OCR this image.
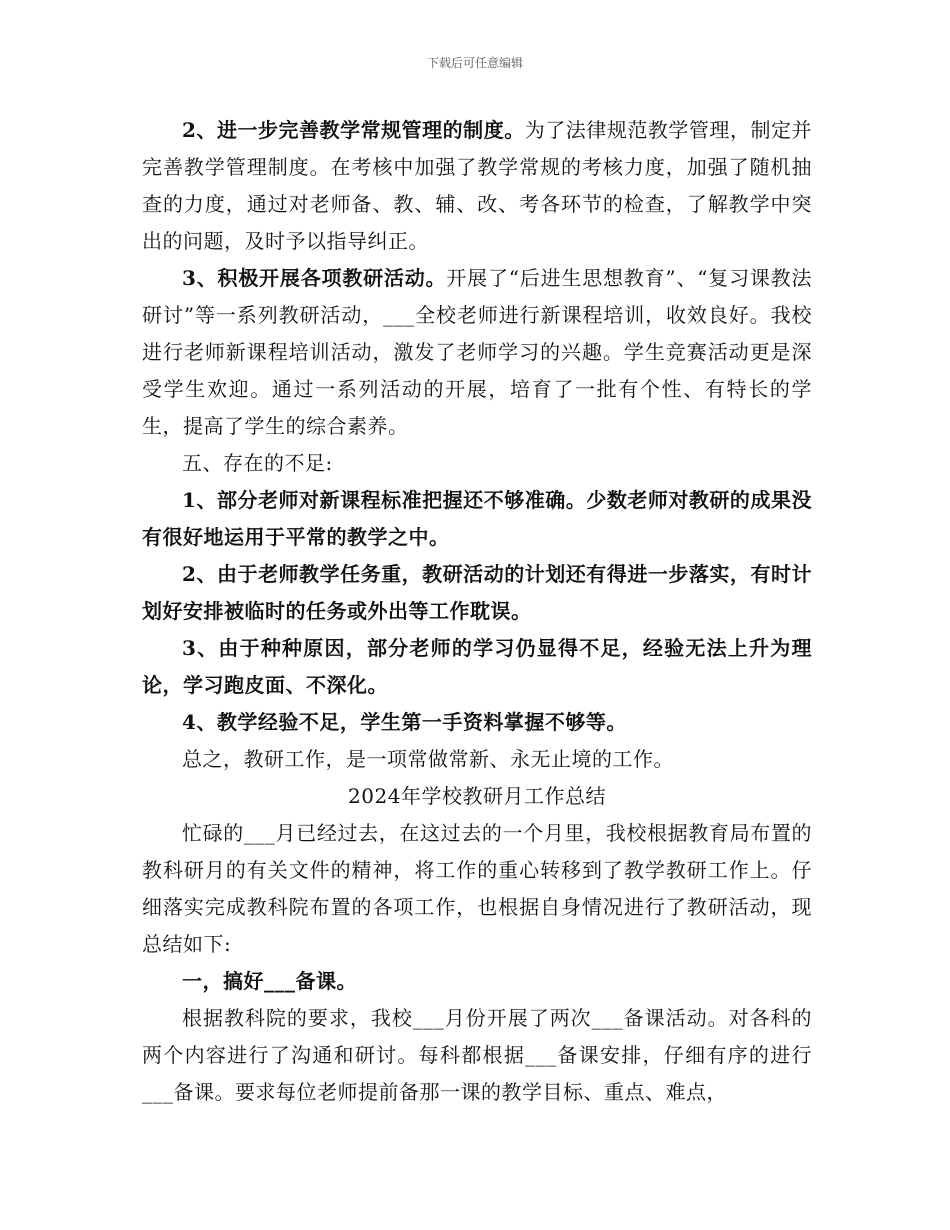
下载后可任意编辑

2、进一步完善教学常规管理的制度。为了法律规范教学管理，制定并完善教学管理制度。在考核中加强了教学常规的考核力度，加强了随机抽查的力度，通过对老师备、教、辅、改、考各环节的检查，了解教学中突出的问题，及时予以指导纠正。

3、积极开展各项教研活动。开展了“后进生思想教育”、“复习课教法研讨”等一系列教研活动，___全校老师进行新课程培训，收效良好。我校进行老师新课程培训活动，激发了老师学习的兴趣。学生竞赛活动更是深受学生欢迎。通过一系列活动的开展，培育了一批有个性、有特长的学生，提高了学生的综合素养。

五、存在的不足:

1、部分老师对新课程标准把握还不够准确。少数老师对教研的成果没有很好地运用于平常的教学之中。

2、由于老师教学任务重，教研活动的计划还有得进一步落实，有时计划好安排被临时的任务或外出等工作耽误。

3、由于种种原因，部分老师的学习仍显得不足，经验无法上升为理论，学习跑皮面、不深化。

4、教学经验不足，学生第一手资料掌握不够等。

总之，教研工作，是一项常做常新、永无止境的工作。

2024年学校教研月工作总结

忙碌的___月已经过去，在这过去的一个月里，我校根据教育局布置的教科研月的有关文件的精神，将工作的重心转移到了教学教研工作上。仔细落实完成教科院布置的各项工作，也根据自身情况进行了教研活动，现总结如下:

一，搞好___备课。

根据教科院的要求，我校___月份开展了两次___备课活动。对各科的两个内容进行了沟通和研讨。每科都根据___备课安排，仔细有序的进行___备课。要求每位老师提前备那一课的教学目标、重点、难点，
